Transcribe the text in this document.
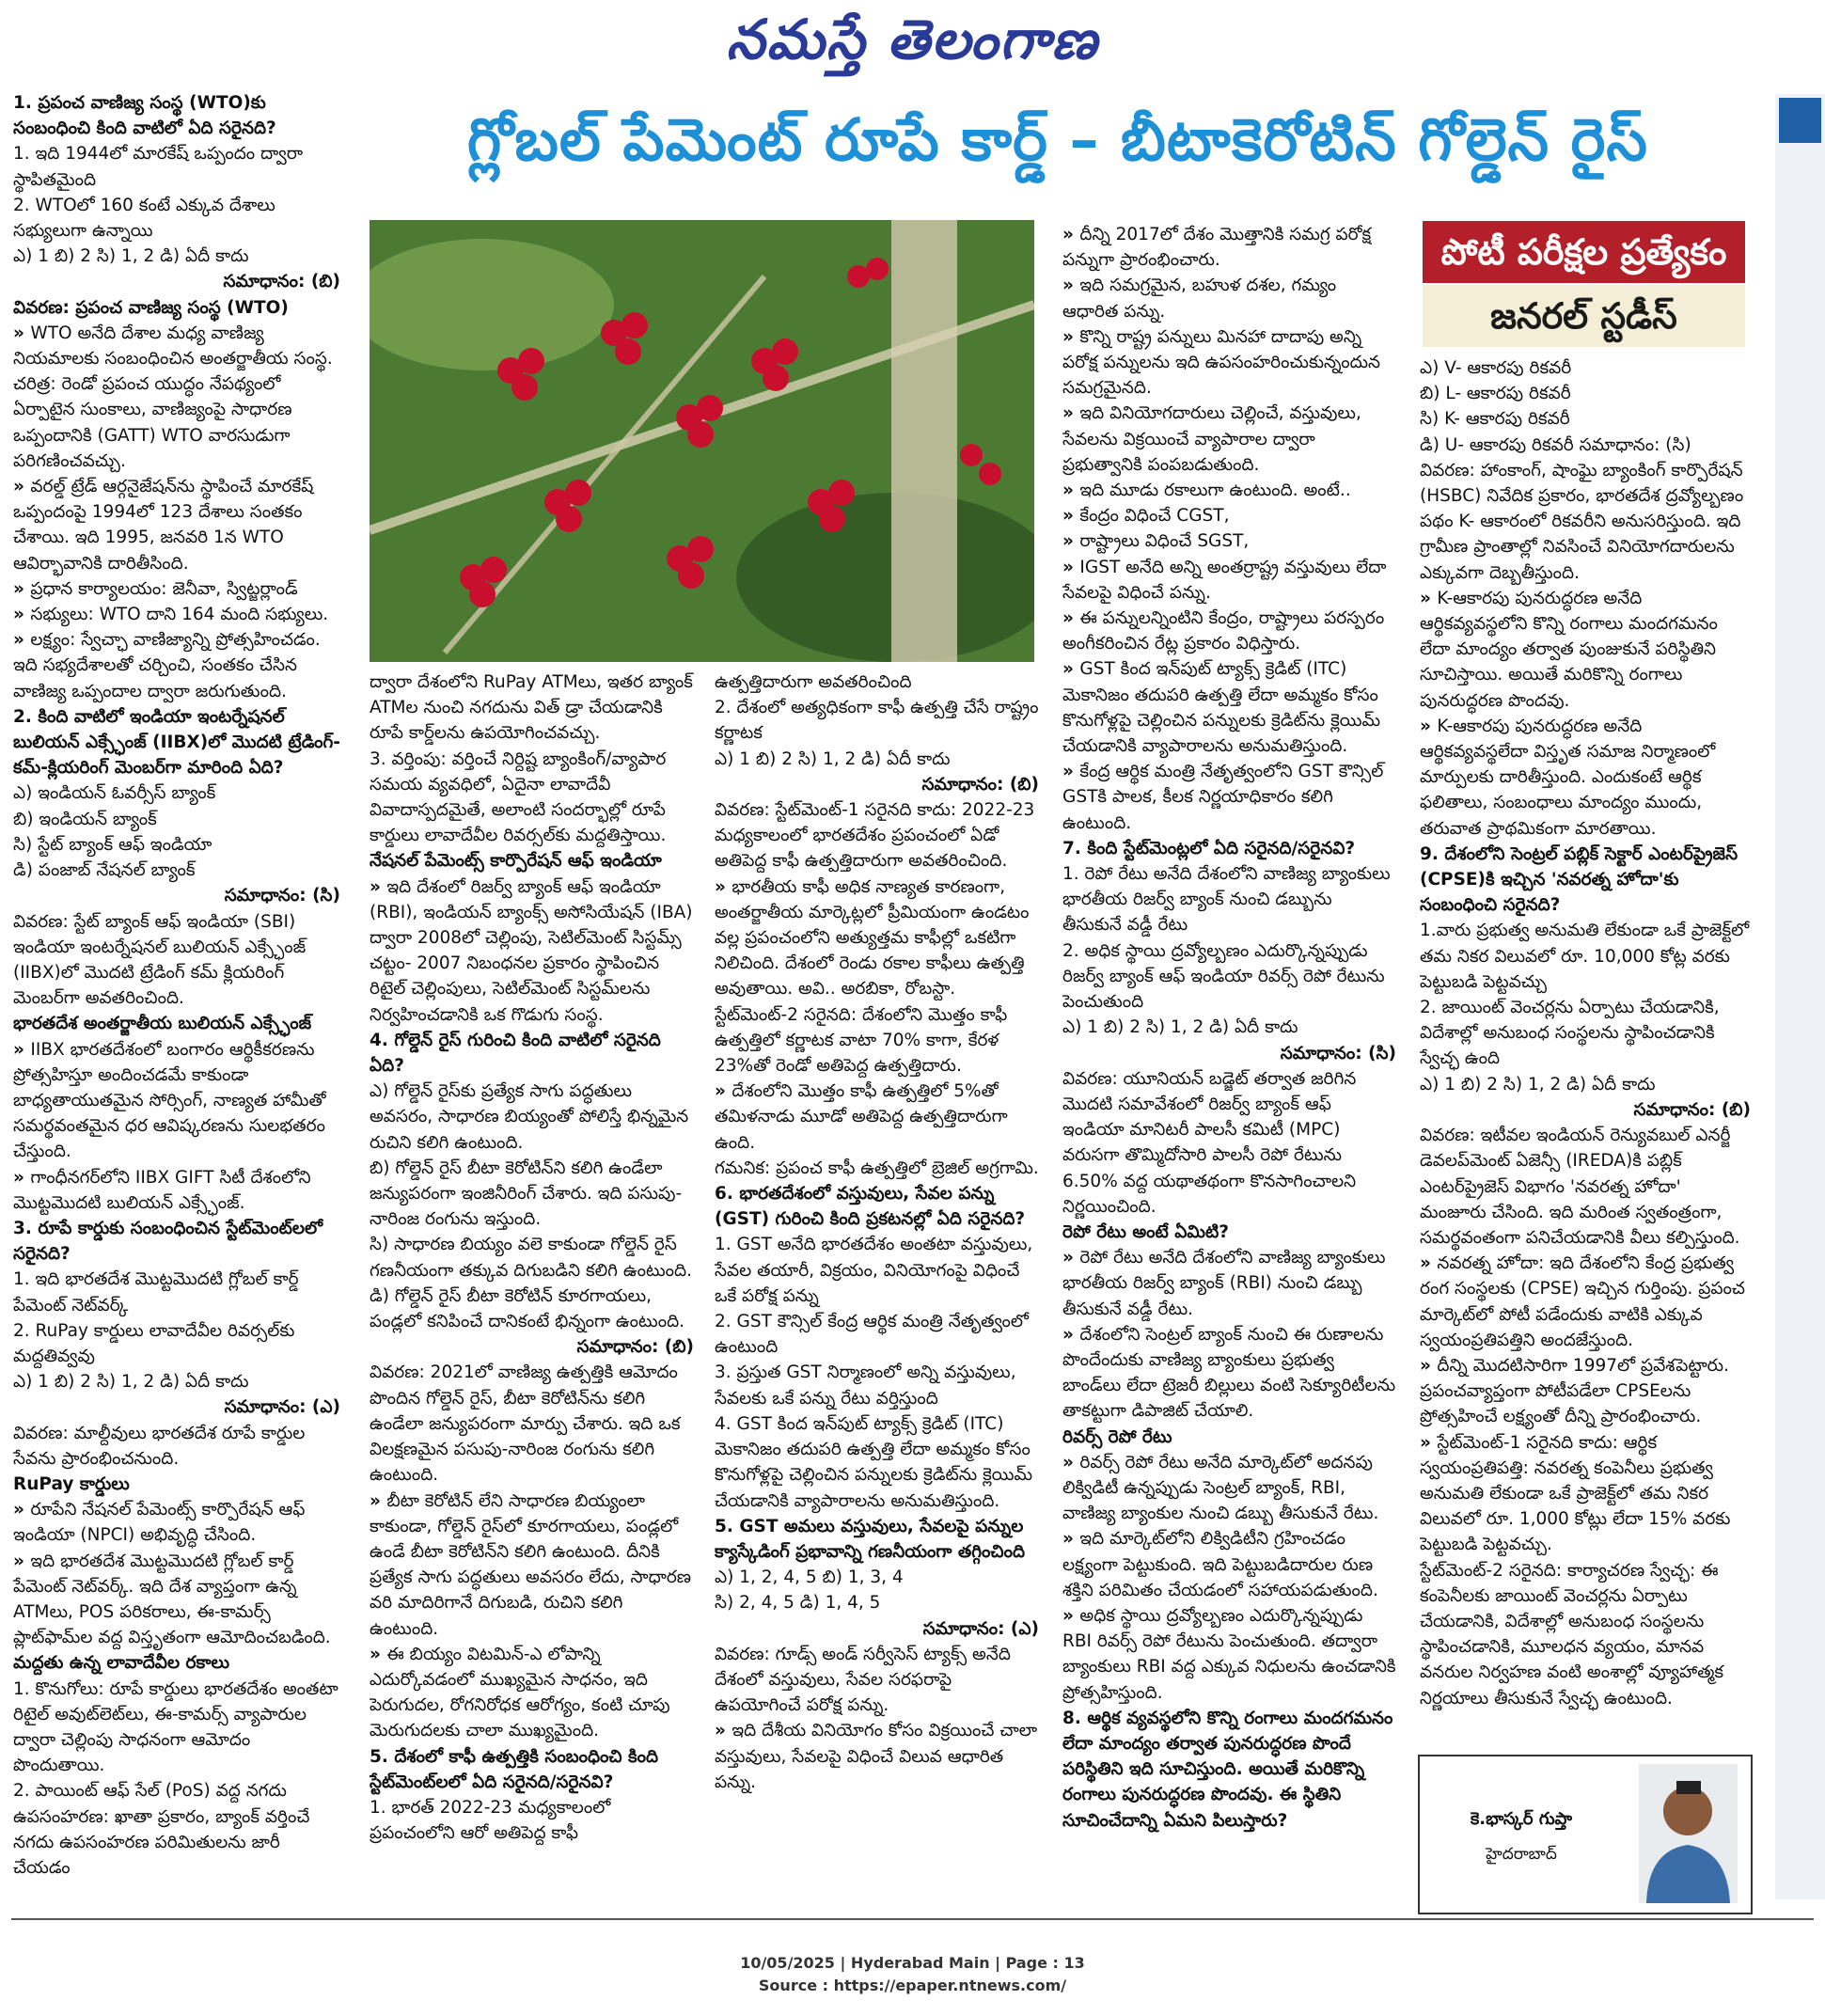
నమస్తే తెలంగాణ
గ్లోబల్ పేమెంట్ రూపే కార్డ్ – బీటాకెరోటిన్ గోల్డెన్ రైస్

1. ప్రపంచ వాణిజ్య సంస్థ (WTO)కు సంబంధించి కింది వాటిలో ఏది సరైనది?

1. ఇది 1944లో మారకేష్ ఒప్పందం ద్వారా స్థాపితమైంది

2. WTOలో 160 కంటే ఎక్కువ దేశాలు సభ్యులుగా ఉన్నాయి

ఎ) 1 బి) 2 సి) 1, 2 డి) ఏదీ కాదు

సమాధానం: (బి)

వివరణ: ప్రపంచ వాణిజ్య సంస్థ (WTO)

» WTO అనేది దేశాల మధ్య వాణిజ్య నియమాలకు సంబంధించిన అంతర్జాతీయ సంస్థ.

చరిత్ర: రెండో ప్రపంచ యుద్ధం నేపథ్యంలో ఏర్పాటైన సుంకాలు, వాణిజ్యంపై సాధారణ ఒప్పందానికి (GATT) WTO వారసుడుగా పరిగణించవచ్చు.

» వరల్డ్ ట్రేడ్ ఆర్గనైజేషన్‌ను స్థాపించే మారకేష్ ఒప్పందంపై 1994లో 123 దేశాలు సంతకం చేశాయి. ఇది 1995, జనవరి 1న WTO ఆవిర్భావానికి దారితీసింది.

» ప్రధాన కార్యాలయం: జెనీవా, స్విట్జర్లాండ్

» సభ్యులు: WTO దాని 164 మంది సభ్యులు.

» లక్ష్యం: స్వేచ్ఛా వాణిజ్యాన్ని ప్రోత్సహించడం. ఇది సభ్యదేశాలతో చర్చించి, సంతకం చేసిన వాణిజ్య ఒప్పందాల ద్వారా జరుగుతుంది.

2. కింది వాటిలో ఇండియా ఇంటర్నేషనల్ బులియన్ ఎక్స్ఛేంజ్ (IIBX)లో మొదటి ట్రేడింగ్-కమ్-క్లియరింగ్ మెంబర్‌గా మారింది ఏది?

ఎ) ఇండియన్ ఓవర్సీస్ బ్యాంక్

బి) ఇండియన్ బ్యాంక్

సి) స్టేట్ బ్యాంక్ ఆఫ్ ఇండియా

డి) పంజాబ్ నేషనల్ బ్యాంక్

సమాధానం: (సి)

వివరణ: స్టేట్ బ్యాంక్ ఆఫ్ ఇండియా (SBI) ఇండియా ఇంటర్నేషనల్ బులియన్ ఎక్స్ఛేంజ్ (IIBX)లో మొదటి ట్రేడింగ్ కమ్ క్లియరింగ్ మెంబర్‌గా అవతరించింది.

భారతదేశ అంతర్జాతీయ బులియన్ ఎక్స్ఛేంజ్

» IIBX భారతదేశంలో బంగారం ఆర్థికీకరణను ప్రోత్సహిస్తూ అందించడమే కాకుండా బాధ్యతాయుతమైన సోర్సింగ్, నాణ్యత హామీతో సమర్థవంతమైన ధర ఆవిష్కరణను సులభతరం చేస్తుంది.

» గాంధీనగర్‌లోని IIBX GIFT సిటీ దేశంలోని మొట్టమొదటి బులియన్ ఎక్స్ఛేంజ్.

3. రూపే కార్డుకు సంబంధించిన స్టేట్‌మెంట్‌లలో సరైనది?

1. ఇది భారతదేశ మొట్టమొదటి గ్లోబల్ కార్డ్ పేమెంట్ నెట్‌వర్క్

2. RuPay కార్డులు లావాదేవీల రివర్సల్‌కు మద్దతివ్వవు

ఎ) 1 బి) 2 సి) 1, 2 డి) ఏదీ కాదు

సమాధానం: (ఎ)

వివరణ: మాల్దీవులు భారతదేశ రూపే కార్డుల సేవను ప్రారంభించనుంది.

RuPay కార్డులు

» రూపేని నేషనల్ పేమెంట్స్ కార్పొరేషన్ ఆఫ్ ఇండియా (NPCI) అభివృద్ధి చేసింది.

» ఇది భారతదేశ మొట్టమొదటి గ్లోబల్ కార్డ్ పేమెంట్ నెట్‌వర్క్. ఇది దేశ వ్యాప్తంగా ఉన్న ATMలు, POS పరికరాలు, ఈ-కామర్స్ ప్లాట్‌ఫామ్‌ల వద్ద విస్తృతంగా ఆమోదించబడింది.

మద్దతు ఉన్న లావాదేవీల రకాలు

1. కొనుగోలు: రూపే కార్డులు భారతదేశం అంతటా రిటైల్ అవుట్‌లెట్‌లు, ఈ-కామర్స్ వ్యాపారుల ద్వారా చెల్లింపు సాధనంగా ఆమోదం పొందుతాయి.

2. పాయింట్ ఆఫ్ సేల్ (PoS) వద్ద నగదు ఉపసంహరణ: ఖాతా ప్రకారం, బ్యాంక్ వర్తించే నగదు ఉపసంహరణ పరిమితులను జారీ చేయడం

ద్వారా దేశంలోని RuPay ATMలు, ఇతర బ్యాంక్ ATMల నుంచి నగదును విత్ డ్రా చేయడానికి రూపే కార్డ్‌లను ఉపయోగించవచ్చు.

3. వర్తింపు: వర్తించే నిర్దిష్ట బ్యాంకింగ్/వ్యాపార సమయ వ్యవధిలో, ఏదైనా లావాదేవీ వివాదాస్పదమైతే, అలాంటి సందర్భాల్లో రూపే కార్డులు లావాదేవీల రివర్సల్‌కు మద్దతిస్తాయి.

నేషనల్ పేమెంట్స్ కార్పొరేషన్ ఆఫ్ ఇండియా

» ఇది దేశంలో రిజర్వ్ బ్యాంక్ ఆఫ్ ఇండియా (RBI), ఇండియన్ బ్యాంక్స్ అసోసియేషన్ (IBA) ద్వారా 2008లో చెల్లింపు, సెటిల్‌మెంట్ సిస్టమ్స్ చట్టం- 2007 నిబంధనల ప్రకారం స్థాపించిన రిటైల్ చెల్లింపులు, సెటిల్‌మెంట్ సిస్టమ్‌లను నిర్వహించడానికి ఒక గొడుగు సంస్థ.

4. గోల్డెన్ రైస్ గురించి కింది వాటిలో సరైనది ఏది?

ఎ) గోల్డెన్ రైస్‌కు ప్రత్యేక సాగు పద్ధతులు అవసరం, సాధారణ బియ్యంతో పోలిస్తే భిన్నమైన రుచిని కలిగి ఉంటుంది.

బి) గోల్డెన్ రైస్ బీటా కెరోటిన్‌ని కలిగి ఉండేలా జన్యుపరంగా ఇంజినీరింగ్ చేశారు. ఇది పసుపు-నారింజ రంగును ఇస్తుంది.

సి) సాధారణ బియ్యం వలె కాకుండా గోల్డెన్ రైస్ గణనీయంగా తక్కువ దిగుబడిని కలిగి ఉంటుంది.

డి) గోల్డెన్ రైస్ బీటా కెరోటిన్ కూరగాయలు, పండ్లలో కనిపించే దానికంటే భిన్నంగా ఉంటుంది.

సమాధానం: (బి)

వివరణ: 2021లో వాణిజ్య ఉత్పత్తికి ఆమోదం పొందిన గోల్డెన్ రైస్, బీటా కెరోటిన్‌ను కలిగి ఉండేలా జన్యుపరంగా మార్పు చేశారు. ఇది ఒక విలక్షణమైన పసుపు-నారింజ రంగును కలిగి ఉంటుంది.

» బీటా కెరోటిన్ లేని సాధారణ బియ్యంలా కాకుండా, గోల్డెన్ రైస్‌లో కూరగాయలు, పండ్లలో ఉండే బీటా కెరోటిన్‌ని కలిగి ఉంటుంది. దీనికి ప్రత్యేక సాగు పద్ధతులు అవసరం లేదు, సాధారణ వరి మాదిరిగానే దిగుబడి, రుచిని కలిగి ఉంటుంది.

» ఈ బియ్యం విటమిన్-ఎ లోపాన్ని ఎదుర్కోవడంలో ముఖ్యమైన సాధనం, ఇది పెరుగుదల, రోగనిరోధక ఆరోగ్యం, కంటి చూపు మెరుగుదలకు చాలా ముఖ్యమైంది.

5. దేశంలో కాఫీ ఉత్పత్తికి సంబంధించి కింది స్టేట్‌మెంట్‌లలో ఏది సరైనది/సరైనవి?

1. భారత్ 2022-23 మధ్యకాలంలో ప్రపంచంలోని ఆరో అతిపెద్ద కాఫీ

ఉత్పత్తిదారుగా అవతరించింది

2. దేశంలో అత్యధికంగా కాఫీ ఉత్పత్తి చేసే రాష్ట్రం కర్ణాటక

ఎ) 1 బి) 2 సి) 1, 2 డి) ఏదీ కాదు

సమాధానం: (బి)

వివరణ: స్టేట్‌మెంట్-1 సరైనది కాదు: 2022-23 మధ్యకాలంలో భారతదేశం ప్రపంచంలో ఏడో అతిపెద్ద కాఫీ ఉత్పత్తిదారుగా అవతరించింది.

» భారతీయ కాఫీ అధిక నాణ్యత కారణంగా, అంతర్జాతీయ మార్కెట్లలో ప్రీమియంగా ఉండటం వల్ల ప్రపంచంలోని అత్యుత్తమ కాఫీల్లో ఒకటిగా నిలిచింది. దేశంలో రెండు రకాల కాఫీలు ఉత్పత్తి అవుతాయి. అవి.. అరబికా, రోబస్టా.

స్టేట్‌మెంట్-2 సరైనది: దేశంలోని మొత్తం కాఫీ ఉత్పత్తిలో కర్ణాటక వాటా 70% కాగా, కేరళ 23%తో రెండో అతిపెద్ద ఉత్పత్తిదారు.

» దేశంలోని మొత్తం కాఫీ ఉత్పత్తిలో 5%తో తమిళనాడు మూడో అతిపెద్ద ఉత్పత్తిదారుగా ఉంది.

గమనిక: ప్రపంచ కాఫీ ఉత్పత్తిలో బ్రెజిల్ అగ్రగామి.

6. భారతదేశంలో వస్తువులు, సేవల పన్ను (GST) గురించి కింది ప్రకటనల్లో ఏది సరైనది?

1. GST అనేది భారతదేశం అంతటా వస్తువులు, సేవల తయారీ, విక్రయం, వినియోగంపై విధించే ఒకే పరోక్ష పన్ను

2. GST కౌన్సిల్ కేంద్ర ఆర్థిక మంత్రి నేతృత్వంలో ఉంటుంది

3. ప్రస్తుత GST నిర్మాణంలో అన్ని వస్తువులు, సేవలకు ఒకే పన్ను రేటు వర్తిస్తుంది

4. GST కింద ఇన్‌పుట్ ట్యాక్స్ క్రెడిట్ (ITC) మెకానిజం తదుపరి ఉత్పత్తి లేదా అమ్మకం కోసం కొనుగోళ్లపై చెల్లించిన పన్నులకు క్రెడిట్‌ను క్లెయిమ్ చేయడానికి వ్యాపారాలను అనుమతిస్తుంది.

5. GST అమలు వస్తువులు, సేవలపై పన్నుల క్యాస్కేడింగ్ ప్రభావాన్ని గణనీయంగా తగ్గించింది

ఎ) 1, 2, 4, 5 బి) 1, 3, 4

సి) 2, 4, 5 డి) 1, 4, 5

సమాధానం: (ఎ)

వివరణ: గూడ్స్ అండ్ సర్వీసెస్ ట్యాక్స్ అనేది దేశంలో వస్తువులు, సేవల సరఫరాపై ఉపయోగించే పరోక్ష పన్ను.

» ఇది దేశీయ వినియోగం కోసం విక్రయించే చాలా వస్తువులు, సేవలపై విధించే విలువ ఆధారిత పన్ను.

» దీన్ని 2017లో దేశం మొత్తానికి సమగ్ర పరోక్ష పన్నుగా ప్రారంభించారు.

» ఇది సమగ్రమైన, బహుళ దశల, గమ్యం ఆధారిత పన్ను.

» కొన్ని రాష్ట్ర పన్నులు మినహా దాదాపు అన్ని పరోక్ష పన్నులను ఇది ఉపసంహరించుకున్నందున సమగ్రమైనది.

» ఇది వినియోగదారులు చెల్లించే, వస్తువులు, సేవలను విక్రయించే వ్యాపారాల ద్వారా ప్రభుత్వానికి పంపబడుతుంది.

» ఇది మూడు రకాలుగా ఉంటుంది. అంటే..

» కేంద్రం విధించే CGST,

» రాష్ట్రాలు విధించే SGST,

» IGST అనేది అన్ని అంతర్రాష్ట్ర వస్తువులు లేదా సేవలపై విధించే పన్ను.

» ఈ పన్నులన్నింటిని కేంద్రం, రాష్ట్రాలు పరస్పరం అంగీకరించిన రేట్ల ప్రకారం విధిస్తారు.

» GST కింద ఇన్‌పుట్ ట్యాక్స్ క్రెడిట్ (ITC) మెకానిజం తదుపరి ఉత్పత్తి లేదా అమ్మకం కోసం కొనుగోళ్లపై చెల్లించిన పన్నులకు క్రెడిట్‌ను క్లెయిమ్ చేయడానికి వ్యాపారాలను అనుమతిస్తుంది.

» కేంద్ర ఆర్థిక మంత్రి నేతృత్వంలోని GST కౌన్సిల్ GSTకి పాలక, కీలక నిర్ణయాధికారం కలిగి ఉంటుంది.

7. కింది స్టేట్‌మెంట్లలో ఏది సరైనది/సరైనవి?

1. రెపో రేటు అనేది దేశంలోని వాణిజ్య బ్యాంకులు భారతీయ రిజర్వ్ బ్యాంక్ నుంచి డబ్బును తీసుకునే వడ్డీ రేటు

2. అధిక స్థాయి ద్రవ్యోల్బణం ఎదుర్కొన్నప్పుడు రిజర్వ్ బ్యాంక్ ఆఫ్ ఇండియా రివర్స్ రెపో రేటును పెంచుతుంది

ఎ) 1 బి) 2 సి) 1, 2 డి) ఏదీ కాదు

సమాధానం: (సి)

వివరణ: యూనియన్ బడ్జెట్ తర్వాత జరిగిన మొదటి సమావేశంలో రిజర్వ్ బ్యాంక్ ఆఫ్ ఇండియా మానిటరీ పాలసీ కమిటీ (MPC) వరుసగా తొమ్మిదోసారి పాలసీ రెపో రేటును 6.50% వద్ద యథాతథంగా కొనసాగించాలని నిర్ణయించింది.

రెపో రేటు అంటే ఏమిటి?

» రెపో రేటు అనేది దేశంలోని వాణిజ్య బ్యాంకులు భారతీయ రిజర్వ్ బ్యాంక్ (RBI) నుంచి డబ్బు తీసుకునే వడ్డీ రేటు.

» దేశంలోని సెంట్రల్ బ్యాంక్ నుంచి ఈ రుణాలను పొందేందుకు వాణిజ్య బ్యాంకులు ప్రభుత్వ బాండ్‌లు లేదా ట్రెజరీ బిల్లులు వంటి సెక్యూరిటీలను తాకట్టుగా డిపాజిట్ చేయాలి.

రివర్స్ రెపో రేటు

» రివర్స్ రెపో రేటు అనేది మార్కెట్‌లో అదనపు లిక్విడిటీ ఉన్నప్పుడు సెంట్రల్ బ్యాంక్, RBI, వాణిజ్య బ్యాంకుల నుంచి డబ్బు తీసుకునే రేటు.

» ఇది మార్కెట్‌లోని లిక్విడిటీని గ్రహించడం లక్ష్యంగా పెట్టుకుంది. ఇది పెట్టుబడిదారుల రుణ శక్తిని పరిమితం చేయడంలో సహాయపడుతుంది.

» అధిక స్థాయి ద్రవ్యోల్బణం ఎదుర్కొన్నప్పుడు RBI రివర్స్ రెపో రేటును పెంచుతుంది. తద్వారా బ్యాంకులు RBI వద్ద ఎక్కువ నిధులను ఉంచడానికి ప్రోత్సహిస్తుంది.

8. ఆర్థిక వ్యవస్థలోని కొన్ని రంగాలు మందగమనం లేదా మాంద్యం తర్వాత పునరుద్ధరణ పొందే పరిస్థితిని ఇది సూచిస్తుంది. అయితే మరికొన్ని రంగాలు పునరుద్ధరణ పొందవు. ఈ స్థితిని సూచించేదాన్ని ఏమని పిలుస్తారు?

పోటీ పరీక్షల ప్రత్యేకం
జనరల్ స్టడీస్

ఎ) V- ఆకారపు రికవరీ

బి) L- ఆకారపు రికవరీ

సి) K- ఆకారపు రికవరీ

డి) U- ఆకారపు రికవరీ సమాధానం: (సి)

వివరణ: హాంకాంగ్, షాంఘై బ్యాంకింగ్ కార్పొరేషన్ (HSBC) నివేదిక ప్రకారం, భారతదేశ ద్రవ్యోల్బణం పథం K- ఆకారంలో రికవరీని అనుసరిస్తుంది. ఇది గ్రామీణ ప్రాంతాల్లో నివసించే వినియోగదారులను ఎక్కువగా దెబ్బతీస్తుంది.

» K-ఆకారపు పునరుద్ధరణ అనేది ఆర్థికవ్యవస్థలోని కొన్ని రంగాలు మందగమనం లేదా మాంద్యం తర్వాత పుంజుకునే పరిస్థితిని సూచిస్తాయి. అయితే మరికొన్ని రంగాలు పునరుద్ధరణ పొందవు.

» K-ఆకారపు పునరుద్ధరణ అనేది ఆర్థికవ్యవస్థలేదా విస్తృత సమాజ నిర్మాణంలో మార్పులకు దారితీస్తుంది. ఎందుకంటే ఆర్థిక ఫలితాలు, సంబంధాలు మాంద్యం ముందు, తరువాత ప్రాథమికంగా మారతాయి.

9. దేశంలోని సెంట్రల్ పబ్లిక్ సెక్టార్ ఎంటర్‌ప్రైజెస్ (CPSE)కి ఇచ్చిన 'నవరత్న హోదా'కు సంబంధించి సరైనది?

1.వారు ప్రభుత్వ అనుమతి లేకుండా ఒకే ప్రాజెక్ట్‌లో తమ నికర విలువలో రూ. 10,000 కోట్ల వరకు పెట్టుబడి పెట్టవచ్చు

2. జాయింట్ వెంచర్లను ఏర్పాటు చేయడానికి, విదేశాల్లో అనుబంధ సంస్థలను స్థాపించడానికి స్వేచ్ఛ ఉంది

ఎ) 1 బి) 2 సి) 1, 2 డి) ఏదీ కాదు

సమాధానం: (బి)

వివరణ: ఇటీవల ఇండియన్ రెన్యువబుల్ ఎనర్జీ డెవలప్‌మెంట్ ఏజెన్సీ (IREDA)కి పబ్లిక్ ఎంటర్‌ప్రైజెస్ విభాగం 'నవరత్న హోదా' మంజూరు చేసింది. ఇది మరింత స్వతంత్రంగా, సమర్థవంతంగా పనిచేయడానికి వీలు కల్పిస్తుంది.

» నవరత్న హోదా: ఇది దేశంలోని కేంద్ర ప్రభుత్వ రంగ సంస్థలకు (CPSE) ఇచ్చిన గుర్తింపు. ప్రపంచ మార్కెట్‌లో పోటీ పడేందుకు వాటికి ఎక్కువ స్వయంప్రతిపత్తిని అందజేస్తుంది.

» దీన్ని మొదటిసారిగా 1997లో ప్రవేశపెట్టారు. ప్రపంచవ్యాప్తంగా పోటీపడేలా CPSEలను ప్రోత్సహించే లక్ష్యంతో దీన్ని ప్రారంభించారు.

» స్టేట్‌మెంట్-1 సరైనది కాదు: ఆర్థిక స్వయంప్రతిపత్తి: నవరత్న కంపెనీలు ప్రభుత్వ అనుమతి లేకుండా ఒకే ప్రాజెక్ట్‌లో తమ నికర విలువలో రూ. 1,000 కోట్లు లేదా 15% వరకు పెట్టుబడి పెట్టవచ్చు.

స్టేట్‌మెంట్-2 సరైనది: కార్యాచరణ స్వేచ్ఛ: ఈ కంపెనీలకు జాయింట్ వెంచర్లను ఏర్పాటు చేయడానికి, విదేశాల్లో అనుబంధ సంస్థలను స్థాపించడానికి, మూలధన వ్యయం, మానవ వనరుల నిర్వహణ వంటి అంశాల్లో వ్యూహాత్మక నిర్ణయాలు తీసుకునే స్వేచ్ఛ ఉంటుంది.

కె.భాస్కర్ గుప్తా
హైదరాబాద్
10/05/2025 | Hyderabad Main | Page : 13
Source : https://epaper.ntnews.com/
